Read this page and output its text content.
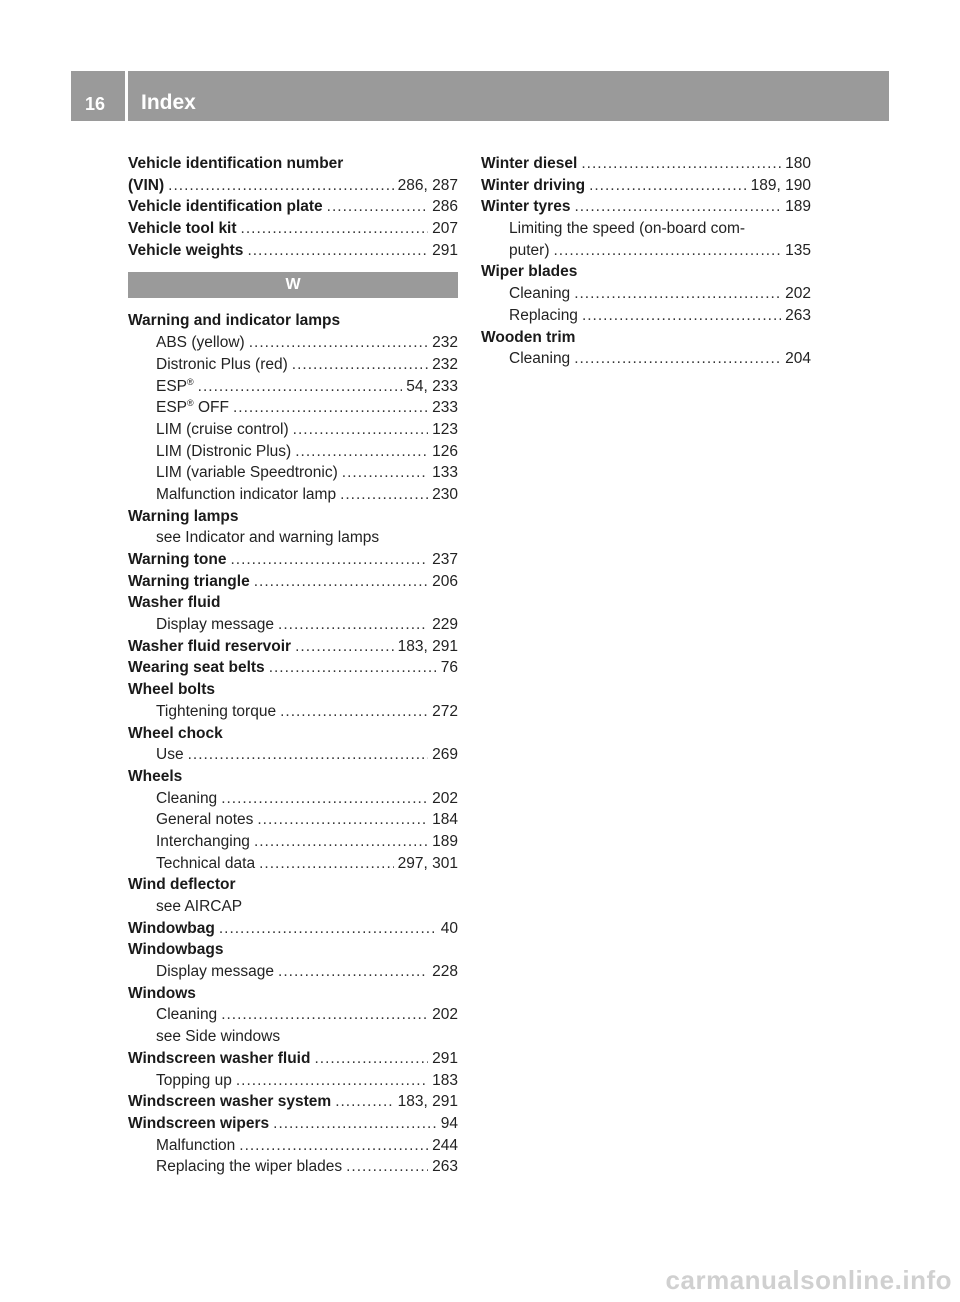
16 Index
Vehicle identification number
(VIN) .....	286, 287
Vehicle identification plate .....	286
Vehicle tool kit .....	207
Vehicle weights .....	291
W
Warning and indicator lamps
ABS (yellow) .....	232
Distronic Plus (red) .....	232
ESP® .....	54, 233
ESP® OFF .....	233
LIM (cruise control) .....	123
LIM (Distronic Plus) .....	126
LIM (variable Speedtronic) .....	133
Malfunction indicator lamp .....	230
Warning lamps
see Indicator and warning lamps
Warning tone .....	237
Warning triangle .....	206
Washer fluid
Display message .....	229
Washer fluid reservoir .....	183, 291
Wearing seat belts .....	76
Wheel bolts
Tightening torque .....	272
Wheel chock
Use .....	269
Wheels
Cleaning .....	202
General notes .....	184
Interchanging .....	189
Technical data .....	297, 301
Wind deflector
see AIRCAP
Windowbag .....	40
Windowbags
Display message .....	228
Windows
Cleaning .....	202
see Side windows
Windscreen washer fluid .....	291
Topping up .....	183
Windscreen washer system .....	183, 291
Windscreen wipers .....	94
Malfunction .....	244
Replacing the wiper blades .....	263
Winter diesel .....	180
Winter driving .....	189, 190
Winter tyres .....	189
Limiting the speed (on-board com-
puter) .....	135
Wiper blades
Cleaning .....	202
Replacing .....	263
Wooden trim
Cleaning .....	204
carmanualsonline.info
